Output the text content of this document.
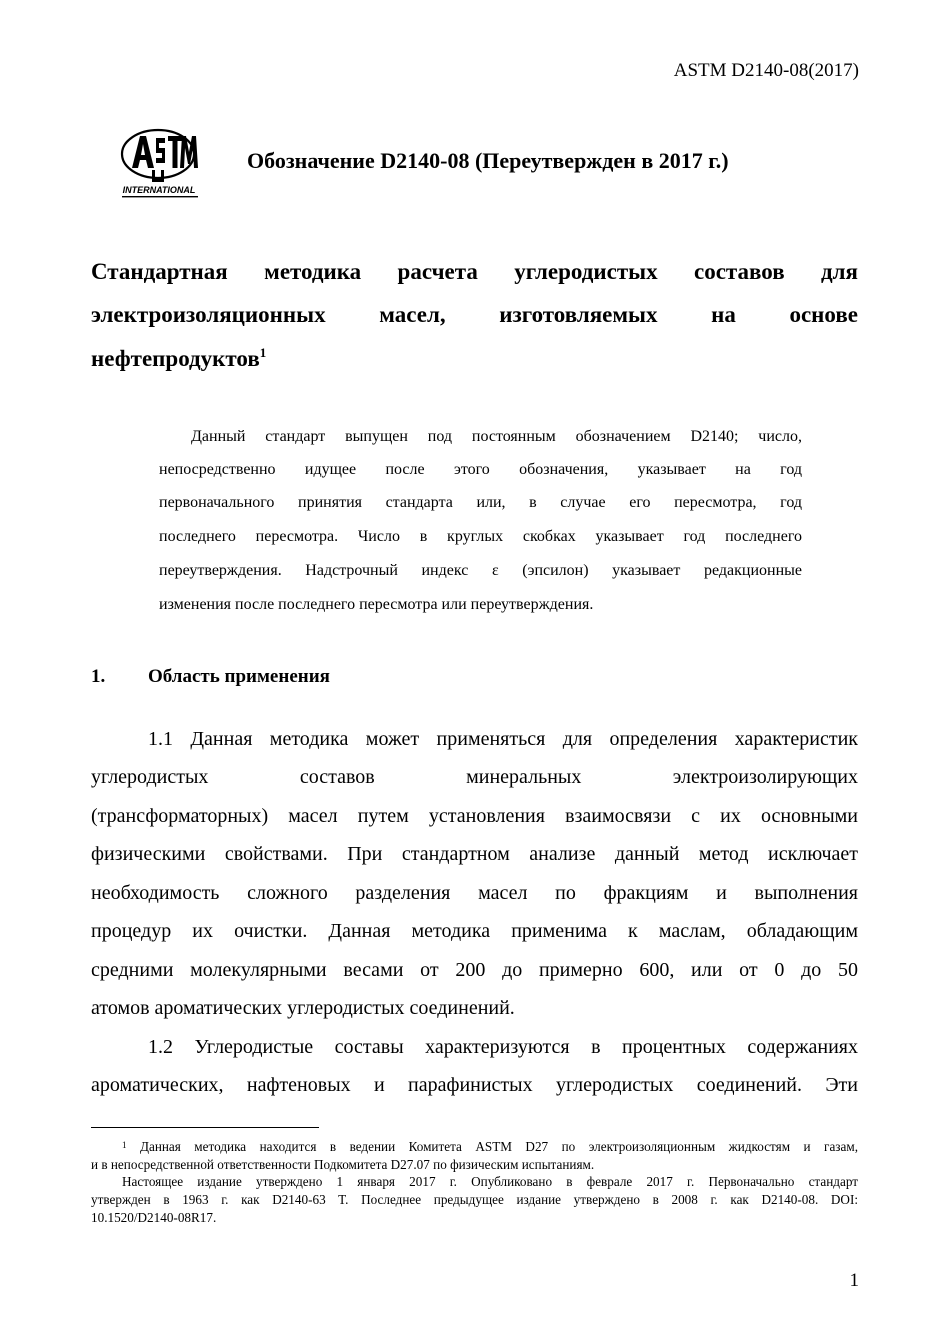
ASTM D2140-08(2017)
INTERNATIONAL
Обозначение D2140-08 (Переутвержден в 2017 г.)
Стандартная методика расчета углеродистых составов для
электроизоляционных масел, изготовляемых на основе
нефтепродуктов$^1$
Данный стандарт выпущен под постоянным обозначением D2140; число,
непосредственно идущее после этого обозначения, указывает на год
первоначального принятия стандарта или, в случае его пересмотра, год
последнего пересмотра. Число в круглых скобках указывает год последнего
переутверждения. Надстрочный индекс ε (эпсилон) указывает редакционные
изменения после последнего пересмотра или переутверждения.
1. Область применения
1.1 Данная методика может применяться для определения характеристик
углеродистых составов минеральных электроизолирующих
(трансформаторных) масел путем установления взаимосвязи с их основными
физическими свойствами. При стандартном анализе данный метод исключает
необходимость сложного разделения масел по фракциям и выполнения
процедур их очистки. Данная методика применима к маслам, обладающим
средними молекулярными весами от 200 до примерно 600, или от 0 до 50
атомов ароматических углеродистых соединений.
1.2 Углеродистые составы характеризуются в процентных содержаниях
ароматических, нафтеновых и парафинистых углеродистых соединений. Эти
$^1$ Данная методика находится в ведении Комитета ASTM D27 по электроизоляционным жидкостям и газам,
и в непосредственной ответственности Подкомитета D27.07 по физическим испытаниям.
Настоящее издание утверждено 1 января 2017 г. Опубликовано в феврале 2017 г. Первоначально стандарт
утвержден в 1963 г. как D2140-63 T. Последнее предыдущее издание утверждено в 2008 г. как D2140-08. DOI:
10.1520/D2140-08R17.
1
